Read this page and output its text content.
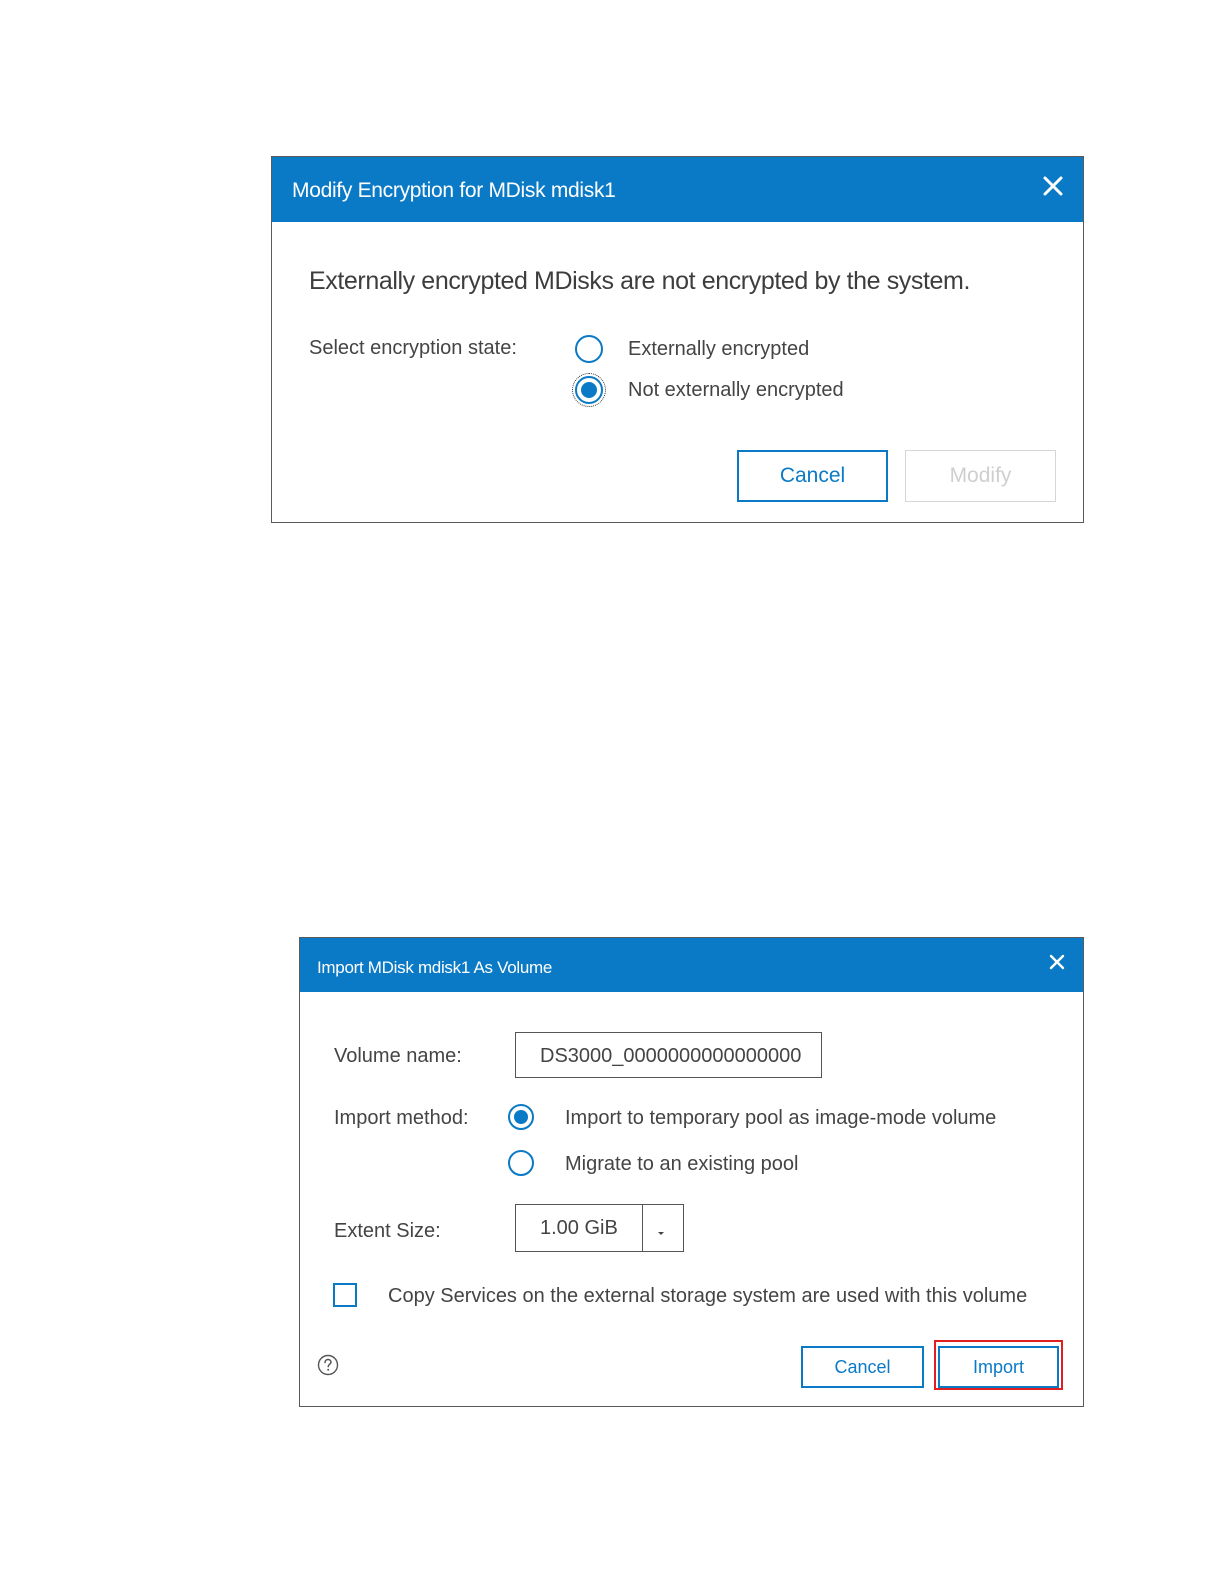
Modify Encryption for MDisk mdisk1
Externally encrypted MDisks are not encrypted by the system.
Select encryption state:	Externally encrypted
Not externally encrypted
Cancel	Modify
Import MDisk mdisk1 As Volume
Volume name:	DS3000_0000000000000000
Import method:	Import to temporary pool as image-mode volume
Migrate to an existing pool
Extent Size:	1.00 GiB
Copy Services on the external storage system are used with this volume
Cancel	Import
